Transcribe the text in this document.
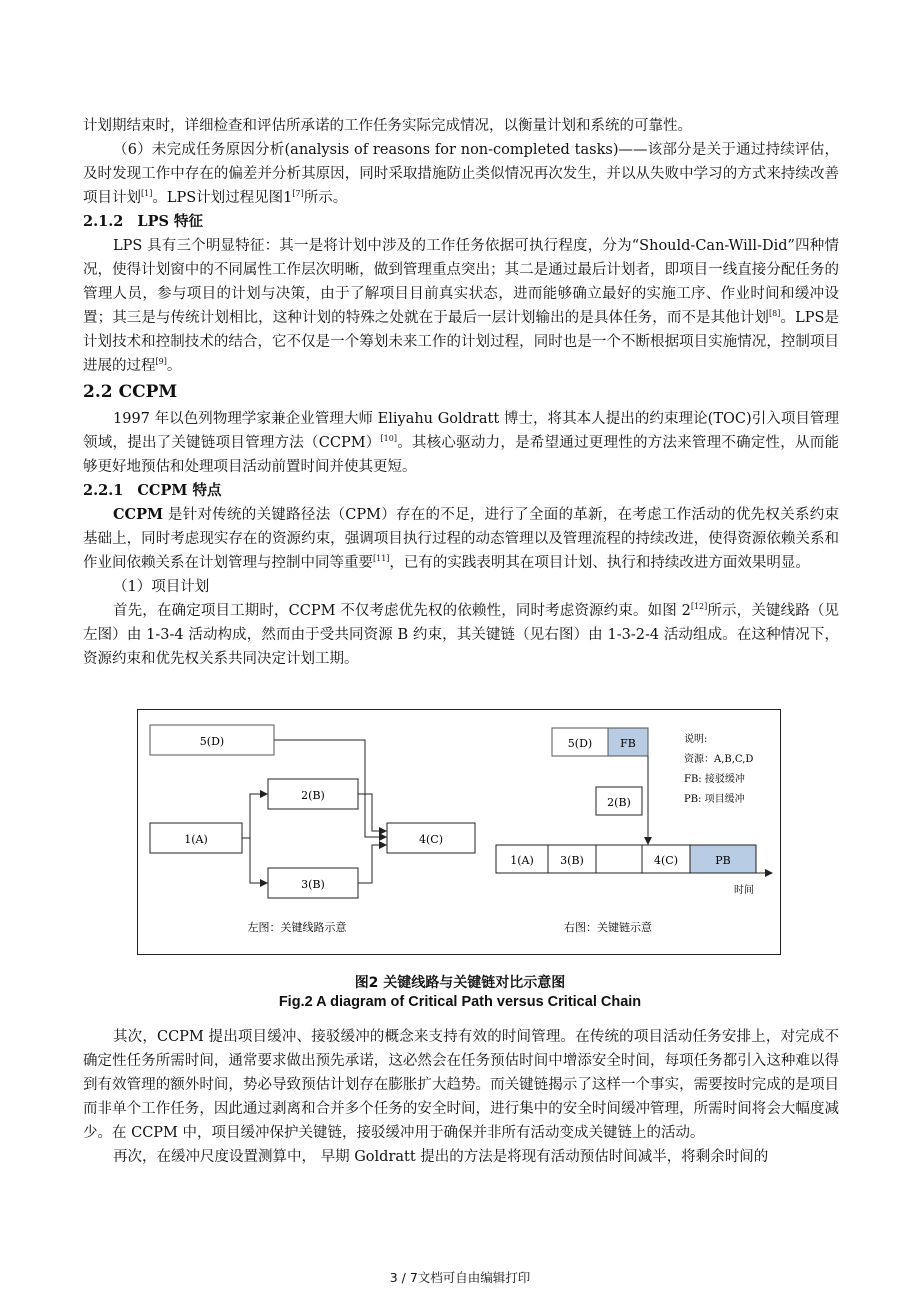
计划期结束时，详细检查和评估所承诺的工作任务实际完成情况，以衡量计划和系统的可靠性。

（6）未完成任务原因分析(analysis of reasons for non-completed tasks)——该部分是关于通过持续评估，及时发现工作中存在的偏差并分析其原因，同时采取措施防止类似情况再次发生，并以从失败中学习的方式来持续改善项目计划[1]。LPS计划过程见图1[7]所示。

2.1.2 LPS 特征

LPS 具有三个明显特征：其一是将计划中涉及的工作任务依据可执行程度，分为“Should-Can-Will-Did”四种情况，使得计划窗中的不同属性工作层次明晰，做到管理重点突出；其二是通过最后计划者，即项目一线直接分配任务的管理人员，参与项目的计划与决策，由于了解项目目前真实状态，进而能够确立最好的实施工序、作业时间和缓冲设置；其三是与传统计划相比，这种计划的特殊之处就在于最后一层计划输出的是具体任务，而不是其他计划[8]。LPS是计划技术和控制技术的结合，它不仅是一个筹划未来工作的计划过程，同时也是一个不断根据项目实施情况，控制项目进展的过程[9]。

2.2 CCPM

1997 年以色列物理学家兼企业管理大师 Eliyahu Goldratt 博士，将其本人提出的约束理论(TOC)引入项目管理领域，提出了关键链项目管理方法（CCPM）[10]。其核心驱动力，是希望通过更理性的方法来管理不确定性，从而能够更好地预估和处理项目活动前置时间并使其更短。

2.2.1 CCPM 特点

CCPM 是针对传统的关键路径法（CPM）存在的不足，进行了全面的革新，在考虑工作活动的优先权关系约束基础上，同时考虑现实存在的资源约束，强调项目执行过程的动态管理以及管理流程的持续改进，使得资源依赖关系和作业间依赖关系在计划管理与控制中同等重要[11]，已有的实践表明其在项目计划、执行和持续改进方面效果明显。

（1）项目计划

首先，在确定项目工期时，CCPM 不仅考虑优先权的依赖性，同时考虑资源约束。如图 2[12]所示，关键线路（见左图）由 1-3-4 活动构成，然而由于受共同资源 B 约束，其关键链（见右图）由 1-3-2-4 活动组成。在这种情况下，资源约束和优先权关系共同决定计划工期。

5(D)
2(B)
1(A)	4(C)
3(B)
左图：关键线路示意
5(D)	FB
2(B)
1(A) 3(B)	4(C)	PB
时间
右图：关键链示意
说明:
资源：A,B,C,D
FB: 接驳缓冲
PB: 项目缓冲
图2 关键线路与关键链对比示意图
Fig.2 A diagram of Critical Path versus Critical Chain

其次，CCPM 提出项目缓冲、接驳缓冲的概念来支持有效的时间管理。在传统的项目活动任务安排上，对完成不确定性任务所需时间，通常要求做出预先承诺，这必然会在任务预估时间中增添安全时间，每项任务都引入这种难以得到有效管理的额外时间，势必导致预估计划存在膨胀扩大趋势。而关键链揭示了这样一个事实，需要按时完成的是项目而非单个工作任务，因此通过剥离和合并多个任务的安全时间，进行集中的安全时间缓冲管理，所需时间将会大幅度减少。在 CCPM 中，项目缓冲保护关键链，接驳缓冲用于确保并非所有活动变成关键链上的活动。

再次，在缓冲尺度设置测算中， 早期 Goldratt 提出的方法是将现有活动预估时间减半，将剩余时间的

3 / 7文档可自由编辑打印
